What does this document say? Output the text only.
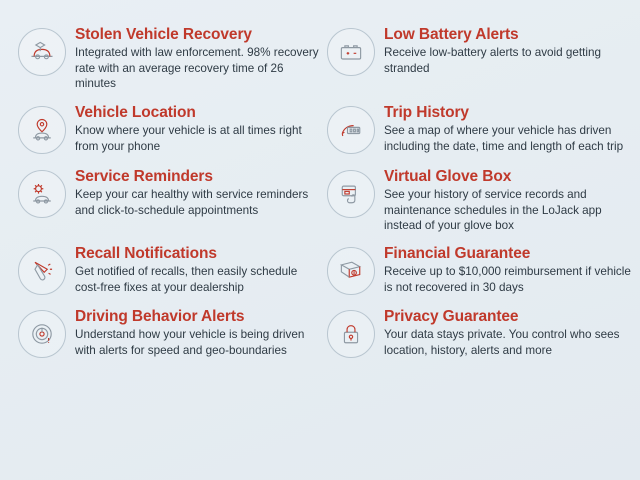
Stolen Vehicle Recovery
Integrated with law enforcement. 98% recovery rate with an average recovery time of 26 minutes
Low Battery Alerts
Receive low-battery alerts to avoid getting stranded
Vehicle Location
Know where your vehicle is at all times right from your phone
Trip History
See a map of where your vehicle has driven including the date, time and length of each trip
Service Reminders
Keep your car healthy with service reminders and click-to-schedule appointments
Virtual Glove Box
See your history of service records and maintenance schedules in the LoJack app instead of your glove box
Recall Notifications
Get notified of recalls, then easily schedule cost-free fixes at your dealership
Financial Guarantee
Receive up to $10,000 reimbursement if vehicle is not recovered in 30 days
Driving Behavior Alerts
Understand how your vehicle is being driven with alerts for speed and geo-boundaries
Privacy Guarantee
Your data stays private. You control who sees location, history, alerts and more
